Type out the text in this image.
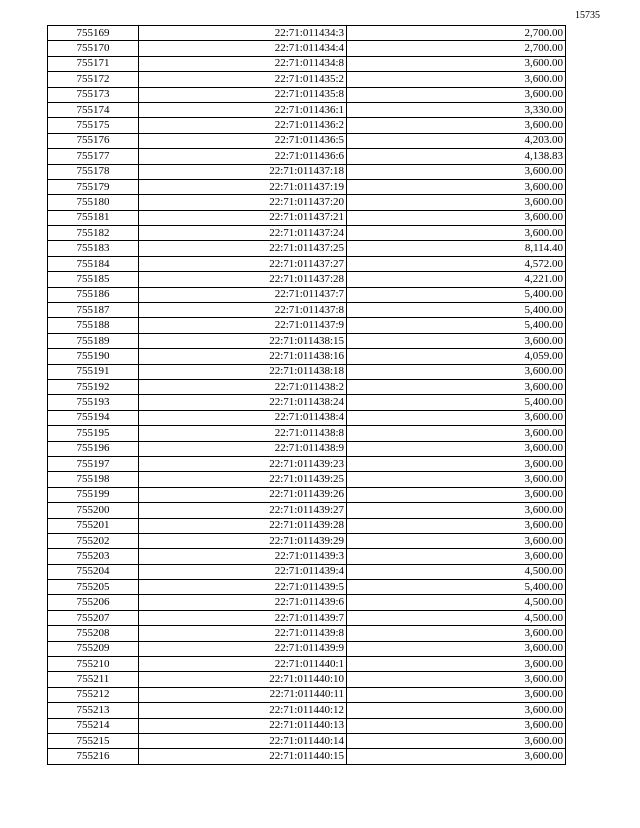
15735
755169	22:71:011434:3	2,700.00
755170	22:71:011434:4	2,700.00
755171	22:71:011434:8	3,600.00
755172	22:71:011435:2	3,600.00
755173	22:71:011435:8	3,600.00
755174	22:71:011436:1	3,330.00
755175	22:71:011436:2	3,600.00
755176	22:71:011436:5	4,203.00
755177	22:71:011436:6	4,138.83
755178	22:71:011437:18	3,600.00
755179	22:71:011437:19	3,600.00
755180	22:71:011437:20	3,600.00
755181	22:71:011437:21	3,600.00
755182	22:71:011437:24	3,600.00
755183	22:71:011437:25	8,114.40
755184	22:71:011437:27	4,572.00
755185	22:71:011437:28	4,221.00
755186	22:71:011437:7	5,400.00
755187	22:71:011437:8	5,400.00
755188	22:71:011437:9	5,400.00
755189	22:71:011438:15	3,600.00
755190	22:71:011438:16	4,059.00
755191	22:71:011438:18	3,600.00
755192	22:71:011438:2	3,600.00
755193	22:71:011438:24	5,400.00
755194	22:71:011438:4	3,600.00
755195	22:71:011438:8	3,600.00
755196	22:71:011438:9	3,600.00
755197	22:71:011439:23	3,600.00
755198	22:71:011439:25	3,600.00
755199	22:71:011439:26	3,600.00
755200	22:71:011439:27	3,600.00
755201	22:71:011439:28	3,600.00
755202	22:71:011439:29	3,600.00
755203	22:71:011439:3	3,600.00
755204	22:71:011439:4	4,500.00
755205	22:71:011439:5	5,400.00
755206	22:71:011439:6	4,500.00
755207	22:71:011439:7	4,500.00
755208	22:71:011439:8	3,600.00
755209	22:71:011439:9	3,600.00
755210	22:71:011440:1	3,600.00
755211	22:71:011440:10	3,600.00
755212	22:71:011440:11	3,600.00
755213	22:71:011440:12	3,600.00
755214	22:71:011440:13	3,600.00
755215	22:71:011440:14	3,600.00
755216	22:71:011440:15	3,600.00
